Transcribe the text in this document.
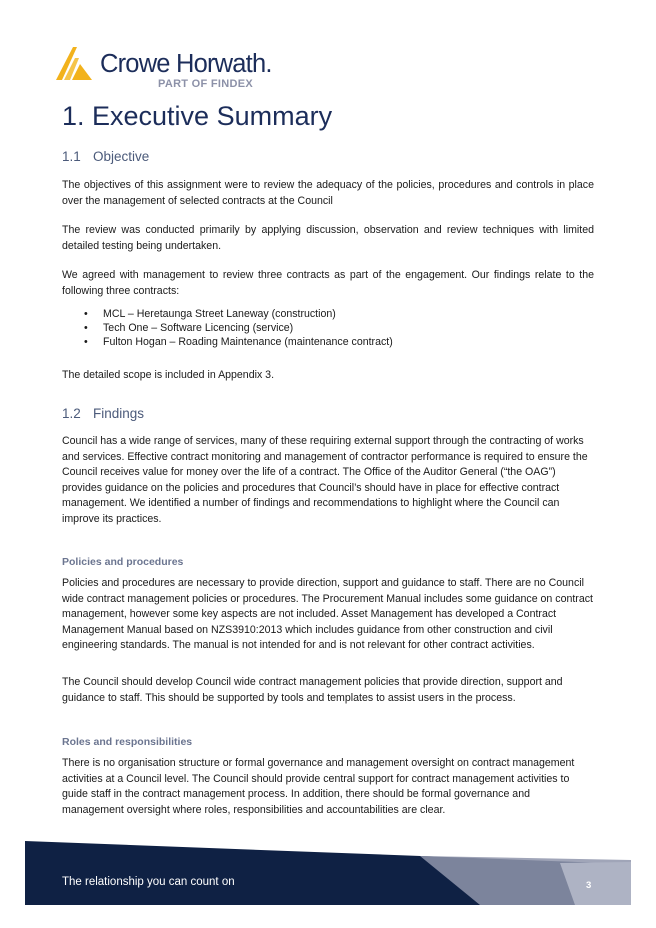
Crowe Horwath.
PART OF FINDEX
1. Executive Summary
1.1 Objective

The objectives of this assignment were to review the adequacy of the policies, procedures and controls in place over the management of selected contracts at the Council

The review was conducted primarily by applying discussion, observation and review techniques with limited detailed testing being undertaken.

We agreed with management to review three contracts as part of the engagement. Our findings relate to the following three contracts:

• MCL – Heretaunga Street Laneway (construction)
• Tech One – Software Licencing (service)
• Fulton Hogan – Roading Maintenance (maintenance contract)

The detailed scope is included in Appendix 3.

1.2 Findings

Council has a wide range of services, many of these requiring external support through the contracting of works and services. Effective contract monitoring and management of contractor performance is required to ensure the Council receives value for money over the life of a contract. The Office of the Auditor General (“the OAG”) provides guidance on the policies and procedures that Council’s should have in place for effective contract management. We identified a number of findings and recommendations to highlight where the Council can improve its practices.

Policies and procedures

Policies and procedures are necessary to provide direction, support and guidance to staff. There are no Council wide contract management policies or procedures. The Procurement Manual includes some guidance on contract management, however some key aspects are not included. Asset Management has developed a Contract Management Manual based on NZS3910:2013 which includes guidance from other construction and civil engineering standards. The manual is not intended for and is not relevant for other contract activities.

The Council should develop Council wide contract management policies that provide direction, support and guidance to staff. This should be supported by tools and templates to assist users in the process.

Roles and responsibilities

There is no organisation structure or formal governance and management oversight on contract management activities at a Council level. The Council should provide central support for contract management activities to guide staff in the contract management process. In addition, there should be formal governance and management oversight where roles, responsibilities and accountabilities are clear.

The relationship you can count on	3
